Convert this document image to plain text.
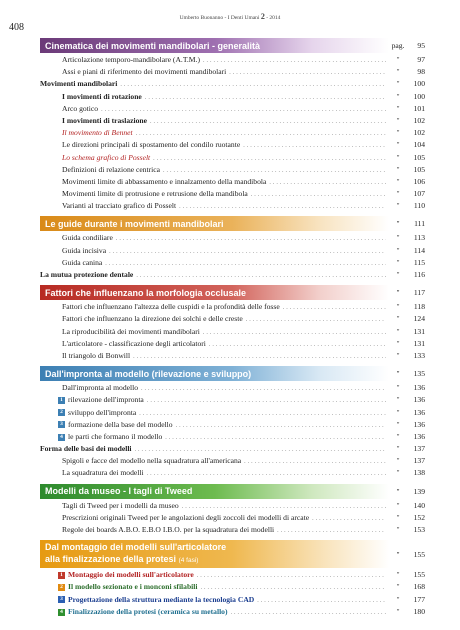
408
Umberto Buonanno - I Denti Umani 2 - 2014
Cinematica dei movimenti mandibolari - generalità	pag.	95
Articolazione temporo-mandibolare (A.T.M.) .....	"	97
Assi e piani di riferimento dei movimenti mandibolari .....	"	98
Movimenti mandibolari .....	"	100
I movimenti di rotazione .....	"	100
Arco gotico .....	"	101
I movimenti di traslazione .....	"	102
Il movimento di Bennet .....	"	102
Le direzioni principali di spostamento del condilo ruotante .....	"	104
Lo schema grafico di Posselt .....	"	105
Definizioni di relazione centrica .....	"	105
Movimenti limite di abbassamento e innalzamento della mandibola .....	"	106
Movimenti limite di protrusione e retrusione della mandibola .....	"	107
Varianti al tracciato grafico di Posselt .....	"	110
Le guide durante i movimenti mandibolari	"	111
Guida condiliare .....	"	113
Guida incisiva .....	"	114
Guida canina .....	"	115
La mutua protezione dentale .....	"	116
Fattori che influenzano la morfologia occlusale	"	117
Fattori che influenzano l'altezza delle cuspidi e la profondità delle fosse .....	"	118
Fattori che influenzano la direzione dei solchi e delle creste .....	"	124
La riproducibilità dei movimenti mandibolari .....	"	131
L'articolatore - classificazione degli articolatori .....	"	131
Il triangolo di Bonwill .....	"	133
Dall'impronta al modello (rilevazione e sviluppo)	"	135
Dall'impronta al modello .....	"	136
1 rilevazione dell'impronta .....	"	136
2 sviluppo dell'impronta .....	"	136
3 formazione della base del modello .....	"	136
4 le parti che formano il modello .....	"	136
Forma delle basi dei modelli .....	"	137
Spigoli e facce del modello nella squadratura all'americana .....	"	137
La squadratura dei modelli .....	"	138
Modelli da museo - I tagli di Tweed	"	139
Tagli di Tweed per i modelli da museo .....	"	140
Prescrizioni originali Tweed per le angolazioni degli zoccoli dei modelli di arcate .....	"	152
Regole dei boards A.B.O. E.B.O I.B.O. per la squadratura dei modelli .....	"	153
Dal montaggio dei modelli sull'articolatore
alla finalizzazione della protesi (4 fasi)
"	155
1 Montaggio dei modelli sull'articolatore .....	"	155
2 Il modello sezionato e i monconi sfilabili .....	"	168
3 Progettazione della struttura mediante la tecnologia CAD .....	"	177
4 Finalizzazione della protesi (ceramica su metallo) .....	"	180
